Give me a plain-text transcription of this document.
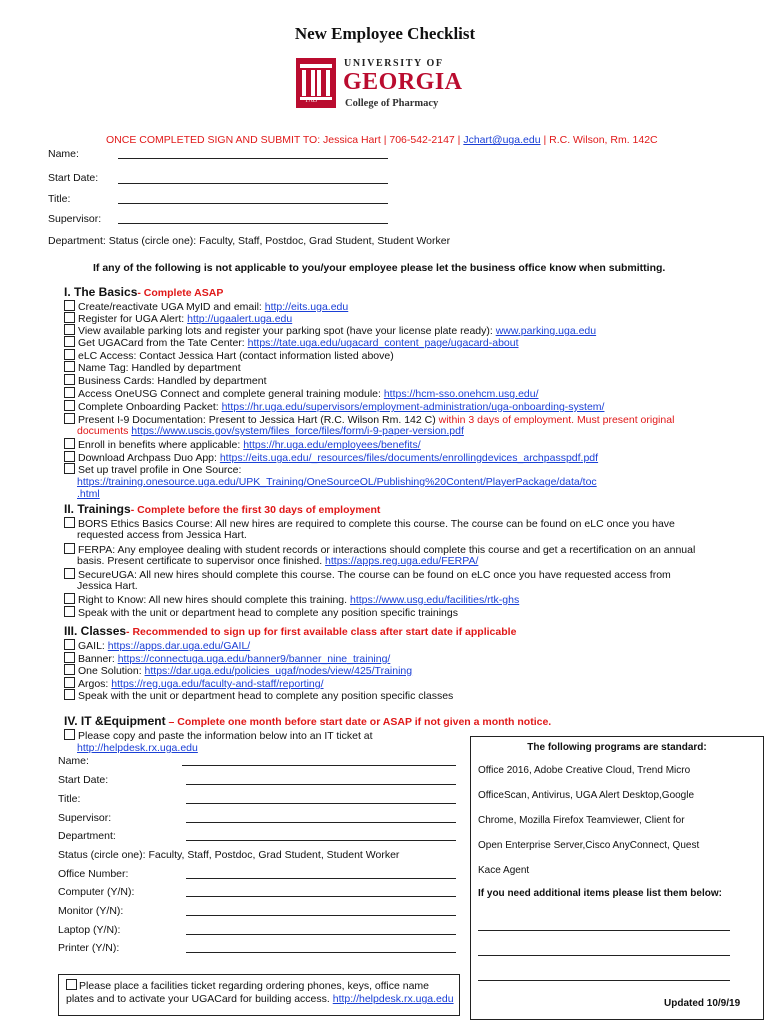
New Employee Checklist
1785
UNIVERSITY OF
GEORGIA
College of Pharmacy
ONCE COMPLETED SIGN AND SUBMIT TO: Jessica Hart | 706-542-2147 | Jchart@uga.edu | R.C. Wilson, Rm. 142C
Name:
Start Date:
Title:
Supervisor:
Department: Status (circle one): Faculty, Staff, Postdoc, Grad Student, Student Worker
If any of the following is not applicable to you/your employee please let the business office know when submitting.
I. The Basics- Complete ASAP
Create/reactivate UGA MyID and email: http://eits.uga.edu
Register for UGA Alert: http://ugaalert.uga.edu
View available parking lots and register your parking spot (have your license plate ready): www.parking.uga.edu
Get UGACard from the Tate Center: https://tate.uga.edu/ugacard_content_page/ugacard-about
eLC Access: Contact Jessica Hart (contact information listed above)
Name Tag: Handled by department
Business Cards: Handled by department
Access OneUSG Connect and complete general training module: https://hcm-sso.onehcm.usg.edu/
Complete Onboarding Packet: https://hr.uga.edu/supervisors/employment-administration/uga-onboarding-system/
Present I-9 Documentation: Present to Jessica Hart (R.C. Wilson Rm. 142 C) within 3 days of employment. Must present original
documents https://www.uscis.gov/system/files_force/files/form/i-9-paper-version.pdf
Enroll in benefits where applicable: https://hr.uga.edu/employees/benefits/
Download Archpass Duo App: https://eits.uga.edu/_resources/files/documents/enrollingdevices_archpasspdf.pdf
Set up travel profile in One Source:
https://training.onesource.uga.edu/UPK_Training/OneSourceOL/Publishing%20Content/PlayerPackage/data/toc
.html
II. Trainings- Complete before the first 30 days of employment
BORS Ethics Basics Course: All new hires are required to complete this course. The course can be found on eLC once you have
requested access from Jessica Hart.
FERPA: Any employee dealing with student records or interactions should complete this course and get a recertification on an annual
basis. Present certificate to supervisor once finished. https://apps.reg.uga.edu/FERPA/
SecureUGA: All new hires should complete this course. The course can be found on eLC once you have requested access from
Jessica Hart.
Right to Know: All new hires should complete this training. https://www.usg.edu/facilities/rtk-ghs
Speak with the unit or department head to complete any position specific trainings
III. Classes- Recommended to sign up for first available class after start date if applicable
GAIL: https://apps.dar.uga.edu/GAIL/
Banner: https://connectuga.uga.edu/banner9/banner_nine_training/
One Solution: https://dar.uga.edu/policies_ugaf/nodes/view/425/Training
Argos: https://reg.uga.edu/faculty-and-staff/reporting/
Speak with the unit or department head to complete any position specific classes
IV. IT &Equipment – Complete one month before start date or ASAP if not given a month notice.
Please copy and paste the information below into an IT ticket at
http://helpdesk.rx.uga.edu
Name:
Start Date:
Title:
Supervisor:
Department:
Status (circle one): Faculty, Staff, Postdoc, Grad Student, Student Worker
Office Number:
Computer (Y/N):
Monitor (Y/N):
Laptop (Y/N):
Printer (Y/N):
The following programs are standard:
Office 2016, Adobe Creative Cloud, Trend Micro
OfficeScan, Antivirus, UGA Alert Desktop,Google
Chrome, Mozilla Firefox Teamviewer, Client for
Open Enterprise Server,Cisco AnyConnect, Quest
Kace Agent
If you need additional items please list them below:
Updated 10/9/19
Please place a facilities ticket regarding ordering phones, keys, office name
plates and to activate your UGACard for building access. http://helpdesk.rx.uga.edu
